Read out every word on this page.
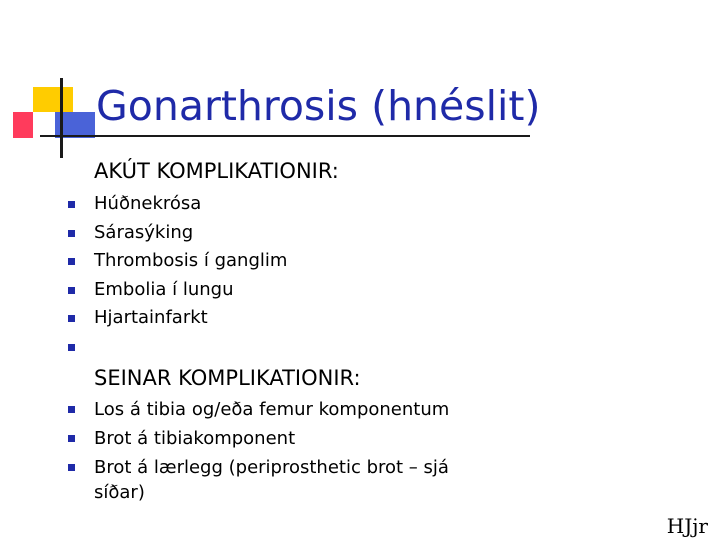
Gonarthrosis (hnéslit)
AKÚT KOMPLIKATIONIR:
Húðnekrósa
Sárasýking
Thrombosis í ganglim
Embolia í lungu
Hjartainfarkt
SEINAR KOMPLIKATIONIR:
Los á tibia og/eða femur komponentum
Brot á tibiakomponent
Brot á lærlegg (periprosthetic brot – sjá síðar)
HJjr
